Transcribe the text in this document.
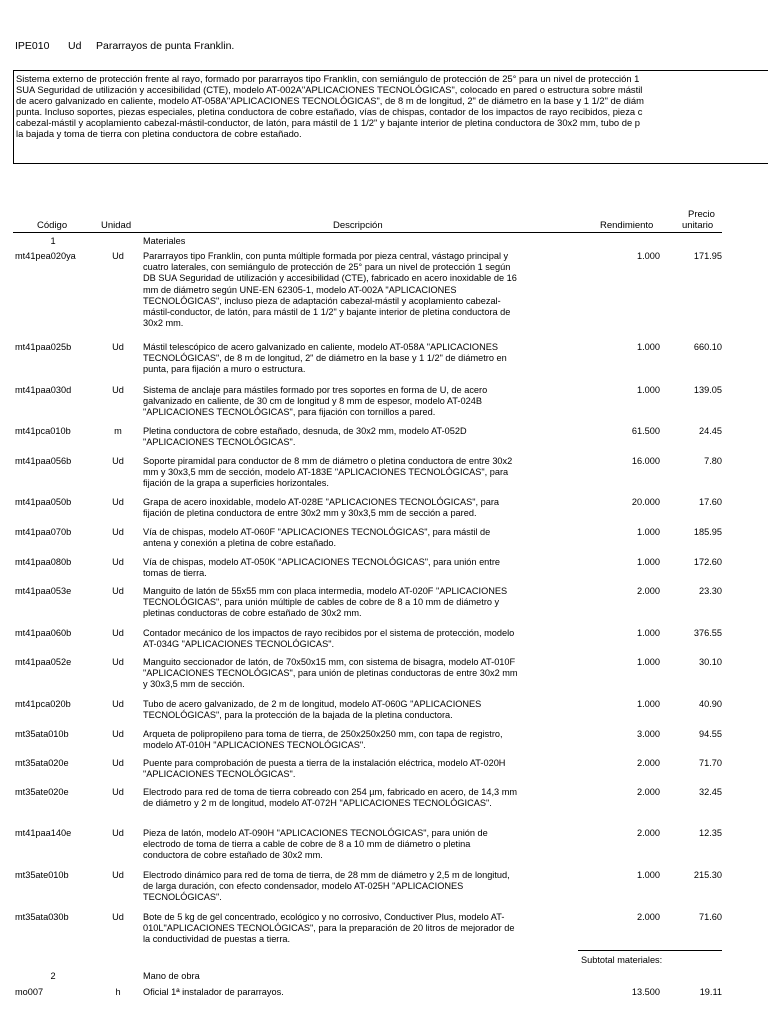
IPE010 Ud Pararrayos de punta Franklin.
Sistema externo de protección frente al rayo, formado por pararrayos tipo Franklin, con semiángulo de protección de 25° para un nivel de protección 1
SUA Seguridad de utilización y accesibilidad (CTE), modelo AT-002A"APLICACIONES TECNOLÓGICAS", colocado en pared o estructura sobre mástil
de acero galvanizado en caliente, modelo AT-058A"APLICACIONES TECNOLÓGICAS", de 8 m de longitud, 2" de diámetro en la base y 1 1/2" de diám
punta. Incluso soportes, piezas especiales, pletina conductora de cobre estañado, vías de chispas, contador de los impactos de rayo recibidos, pieza c
cabezal-mástil y acoplamiento cabezal-mástil-conductor, de latón, para mástil de 1 1/2" y bajante interior de pletina conductora de 30x2 mm, tubo de p
la bajada y toma de tierra con pletina conductora de cobre estañado.
Código	Unidad	Descripción	Rendimiento
Precio
unitario
1	Materiales
mt41pea020ya	Ud	Pararrayos tipo Franklin, con punta múltiple formada por pieza central, vástago principal y
cuatro laterales, con semiángulo de protección de 25° para un nivel de protección 1 según
DB SUA Seguridad de utilización y accesibilidad (CTE), fabricado en acero inoxidable de 16
mm de diámetro según UNE-EN 62305-1, modelo AT-002A "APLICACIONES
TECNOLÓGICAS", incluso pieza de adaptación cabezal-mástil y acoplamiento cabezal-
mástil-conductor, de latón, para mástil de 1 1/2" y bajante interior de pletina conductora de
30x2 mm.
1.000	171.95
mt41paa025b	Ud	Mástil telescópico de acero galvanizado en caliente, modelo AT-058A "APLICACIONES
TECNOLÓGICAS", de 8 m de longitud, 2" de diámetro en la base y 1 1/2" de diámetro en
punta, para fijación a muro o estructura.
1.000	660.10
mt41paa030d	Ud	Sistema de anclaje para mástiles formado por tres soportes en forma de U, de acero
galvanizado en caliente, de 30 cm de longitud y 8 mm de espesor, modelo AT-024B
"APLICACIONES TECNOLÓGICAS", para fijación con tornillos a pared.
1.000	139.05
mt41pca010b	m	Pletina conductora de cobre estañado, desnuda, de 30x2 mm, modelo AT-052D
"APLICACIONES TECNOLÓGICAS".
61.500	24.45
mt41paa056b	Ud	Soporte piramidal para conductor de 8 mm de diámetro o pletina conductora de entre 30x2
mm y 30x3,5 mm de sección, modelo AT-183E "APLICACIONES TECNOLÓGICAS", para
fijación de la grapa a superficies horizontales.
16.000	7.80
mt41paa050b	Ud	Grapa de acero inoxidable, modelo AT-028E "APLICACIONES TECNOLÓGICAS", para
fijación de pletina conductora de entre 30x2 mm y 30x3,5 mm de sección a pared.
20.000	17.60
mt41paa070b	Ud	Vía de chispas, modelo AT-060F "APLICACIONES TECNOLÓGICAS", para mástil de
antena y conexión a pletina de cobre estañado.
1.000	185.95
mt41paa080b	Ud	Vía de chispas, modelo AT-050K "APLICACIONES TECNOLÓGICAS", para unión entre
tomas de tierra.
1.000	172.60
mt41paa053e	Ud	Manguito de latón de 55x55 mm con placa intermedia, modelo AT-020F "APLICACIONES
TECNOLÓGICAS", para unión múltiple de cables de cobre de 8 a 10 mm de diámetro y
pletinas conductoras de cobre estañado de 30x2 mm.
2.000	23.30
mt41paa060b	Ud	Contador mecánico de los impactos de rayo recibidos por el sistema de protección, modelo
AT-034G "APLICACIONES TECNOLÓGICAS".
1.000	376.55
mt41paa052e	Ud	Manguito seccionador de latón, de 70x50x15 mm, con sistema de bisagra, modelo AT-010F
"APLICACIONES TECNOLÓGICAS", para unión de pletinas conductoras de entre 30x2 mm
y 30x3,5 mm de sección.
1.000	30.10
mt41pca020b	Ud	Tubo de acero galvanizado, de 2 m de longitud, modelo AT-060G "APLICACIONES
TECNOLÓGICAS", para la protección de la bajada de la pletina conductora.
1.000	40.90
mt35ata010b	Ud	Arqueta de polipropileno para toma de tierra, de 250x250x250 mm, con tapa de registro,
modelo AT-010H "APLICACIONES TECNOLÓGICAS".
3.000	94.55
mt35ata020e	Ud	Puente para comprobación de puesta a tierra de la instalación eléctrica, modelo AT-020H
"APLICACIONES TECNOLÓGICAS".
2.000	71.70
mt35ate020e	Ud	Electrodo para red de toma de tierra cobreado con 254 µm, fabricado en acero, de 14,3 mm
de diámetro y 2 m de longitud, modelo AT-072H "APLICACIONES TECNOLÓGICAS".
2.000	32.45
mt41paa140e	Ud	Pieza de latón, modelo AT-090H "APLICACIONES TECNOLÓGICAS", para unión de
electrodo de toma de tierra a cable de cobre de 8 a 10 mm de diámetro o pletina
conductora de cobre estañado de 30x2 mm.
2.000	12.35
mt35ate010b	Ud	Electrodo dinámico para red de toma de tierra, de 28 mm de diámetro y 2,5 m de longitud,
de larga duración, con efecto condensador, modelo AT-025H "APLICACIONES
TECNOLÓGICAS".
1.000	215.30
mt35ata030b	Ud	Bote de 5 kg de gel concentrado, ecológico y no corrosivo, Conductiver Plus, modelo AT-
010L"APLICACIONES TECNOLÓGICAS", para la preparación de 20 litros de mejorador de
la conductividad de puestas a tierra.
2.000	71.60
Subtotal materiales:
2	Mano de obra
mo007	h	Oficial 1ª instalador de pararrayos.	13.500	19.11
